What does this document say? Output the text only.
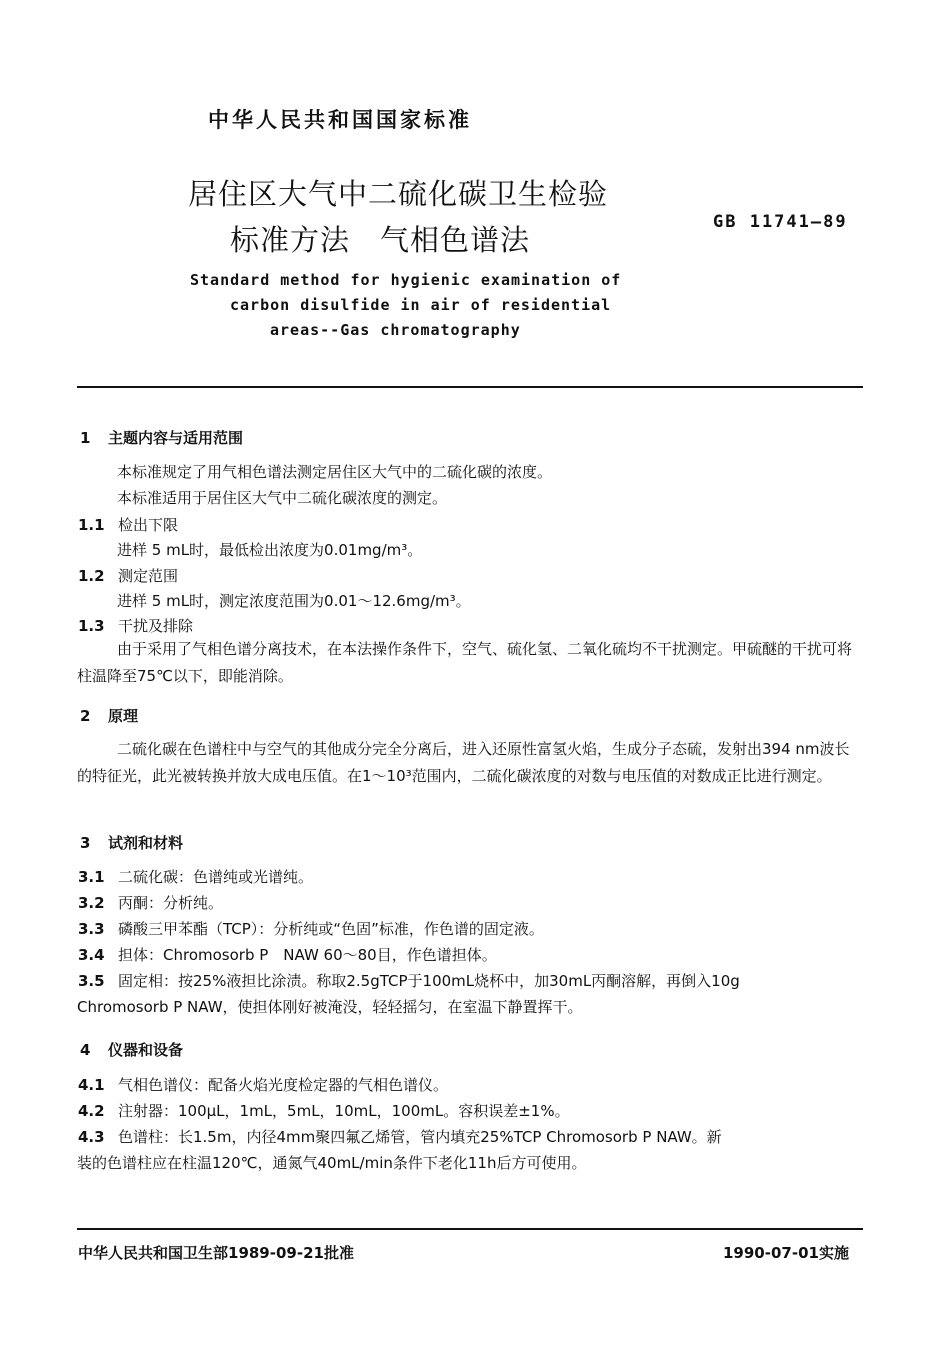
中华人民共和国国家标准
居住区大气中二硫化碳卫生检验
标准方法　气相色谱法
GB 11741—89
Standard method for hygienic examination of
carbon disulfide in air of residential
areas--Gas chromatography
1 主题内容与适用范围
本标准规定了用气相色谱法测定居住区大气中的二硫化碳的浓度。
本标准适用于居住区大气中二硫化碳浓度的测定。
1.1 检出下限
进样 5 mL时，最低检出浓度为0.01mg/m³。
1.2 测定范围
进样 5 mL时，测定浓度范围为0.01～12.6mg/m³。
1.3 干扰及排除
由于采用了气相色谱分离技术，在本法操作条件下，空气、硫化氢、二氧化硫均不干扰测定。甲硫醚的干扰可将柱温降至75℃以下，即能消除。
2 原理
二硫化碳在色谱柱中与空气的其他成分完全分离后，进入还原性富氢火焰，生成分子态硫，发射出394 nm波长的特征光，此光被转换并放大成电压值。在1～10³范围内，二硫化碳浓度的对数与电压值的对数成正比进行测定。
3 试剂和材料
3.1 二硫化碳：色谱纯或光谱纯。
3.2 丙酮：分析纯。
3.3 磷酸三甲苯酯（TCP）：分析纯或“色固”标准，作色谱的固定液。
3.4 担体：Chromosorb P　NAW 60～80目，作色谱担体。
3.5 固定相：按25%液担比涂渍。称取2.5gTCP于100mL烧杯中，加30mL丙酮溶解，再倒入10g
Chromosorb P NAW，使担体刚好被淹没，轻轻摇匀，在室温下静置挥干。
4 仪器和设备
4.1 气相色谱仪：配备火焰光度检定器的气相色谱仪。
4.2 注射器：100μL，1mL，5mL，10mL，100mL。容积误差±1%。
4.3 色谱柱：长1.5m，内径4mm聚四氟乙烯管，管内填充25%TCP Chromosorb P NAW。新
装的色谱柱应在柱温120℃，通氮气40mL/min条件下老化11h后方可使用。
中华人民共和国卫生部1989-09-21批准	1990-07-01实施
